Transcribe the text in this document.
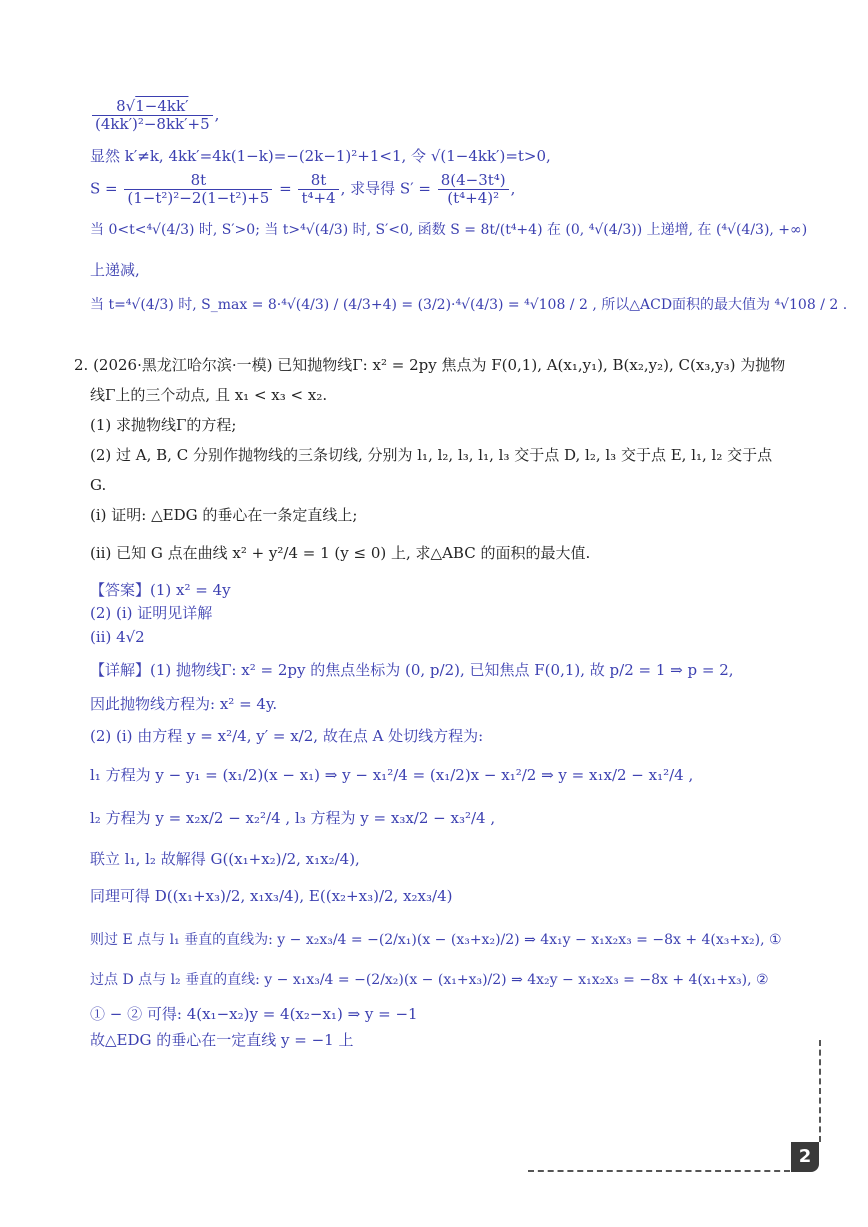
$\frac{8√1-4kk'}{\text{(4kk′)²−8kk′+5}}$ ,
显然 k′≠k, 4kk′=4k(1−k)=−(2k−1)²+1<1, 令 √(1−4kk′)=t>0,
$S = \frac{8t}{\text{(1−t²)²−2(1−t²)+5}} = \frac{8t}{\text{t⁴+4}}$ , 求导得 $S' = \frac{\text{8(4−3t⁴)}}{\text{(t⁴+4)²}}$ ,
当 0<t<⁴√(4/3) 时, S′>0; 当 t>⁴√(4/3) 时, S′<0, 函数 S = 8t/(t⁴+4) 在 (0, ⁴√(4/3)) 上递增, 在 (⁴√(4/3), +∞)
上递减,
当 t=⁴√(4/3) 时, S_max = 8·⁴√(4/3) / (4/3+4) = (3/2)·⁴√(4/3) = ⁴√108 / 2 , 所以△ACD面积的最大值为 ⁴√108 / 2 .
2. (2026·黑龙江哈尔滨·一模) 已知抛物线Γ: x² = 2py 焦点为 F(0,1), A(x₁,y₁), B(x₂,y₂), C(x₃,y₃) 为抛物
线Γ上的三个动点, 且 x₁ < x₃ < x₂.
(1) 求抛物线Γ的方程;
(2) 过 A, B, C 分别作抛物线的三条切线, 分别为 l₁, l₂, l₃, l₁, l₃ 交于点 D, l₂, l₃ 交于点 E, l₁, l₂ 交于点
G.
(i) 证明: △EDG 的垂心在一条定直线上;
(ii) 已知 G 点在曲线 x² + y²/4 = 1 (y ≤ 0) 上, 求△ABC 的面积的最大值.
【答案】(1) x² = 4y
(2) (i) 证明见详解
(ii) 4√2
【详解】(1) 抛物线Γ: x² = 2py 的焦点坐标为 (0, p/2), 已知焦点 F(0,1), 故 p/2 = 1 ⇒ p = 2,
因此抛物线方程为: x² = 4y.
(2) (i) 由方程 y = x²/4, y′ = x/2, 故在点 A 处切线方程为:
l₁ 方程为 y − y₁ = (x₁/2)(x − x₁) ⇒ y − x₁²/4 = (x₁/2)x − x₁²/2 ⇒ y = x₁x/2 − x₁²/4 ,
l₂ 方程为 y = x₂x/2 − x₂²/4 , l₃ 方程为 y = x₃x/2 − x₃²/4 ,
联立 l₁, l₂ 故解得 G((x₁+x₂)/2, x₁x₂/4),
同理可得 D((x₁+x₃)/2, x₁x₃/4), E((x₂+x₃)/2, x₂x₃/4)
则过 E 点与 l₁ 垂直的直线为: y − x₂x₃/4 = −(2/x₁)(x − (x₃+x₂)/2) ⇒ 4x₁y − x₁x₂x₃ = −8x + 4(x₃+x₂), ①
过点 D 点与 l₂ 垂直的直线: y − x₁x₃/4 = −(2/x₂)(x − (x₁+x₃)/2) ⇒ 4x₂y − x₁x₂x₃ = −8x + 4(x₁+x₃), ②
① − ② 可得: 4(x₁−x₂)y = 4(x₂−x₁) ⇒ y = −1
故△EDG 的垂心在一定直线 y = −1 上
2
